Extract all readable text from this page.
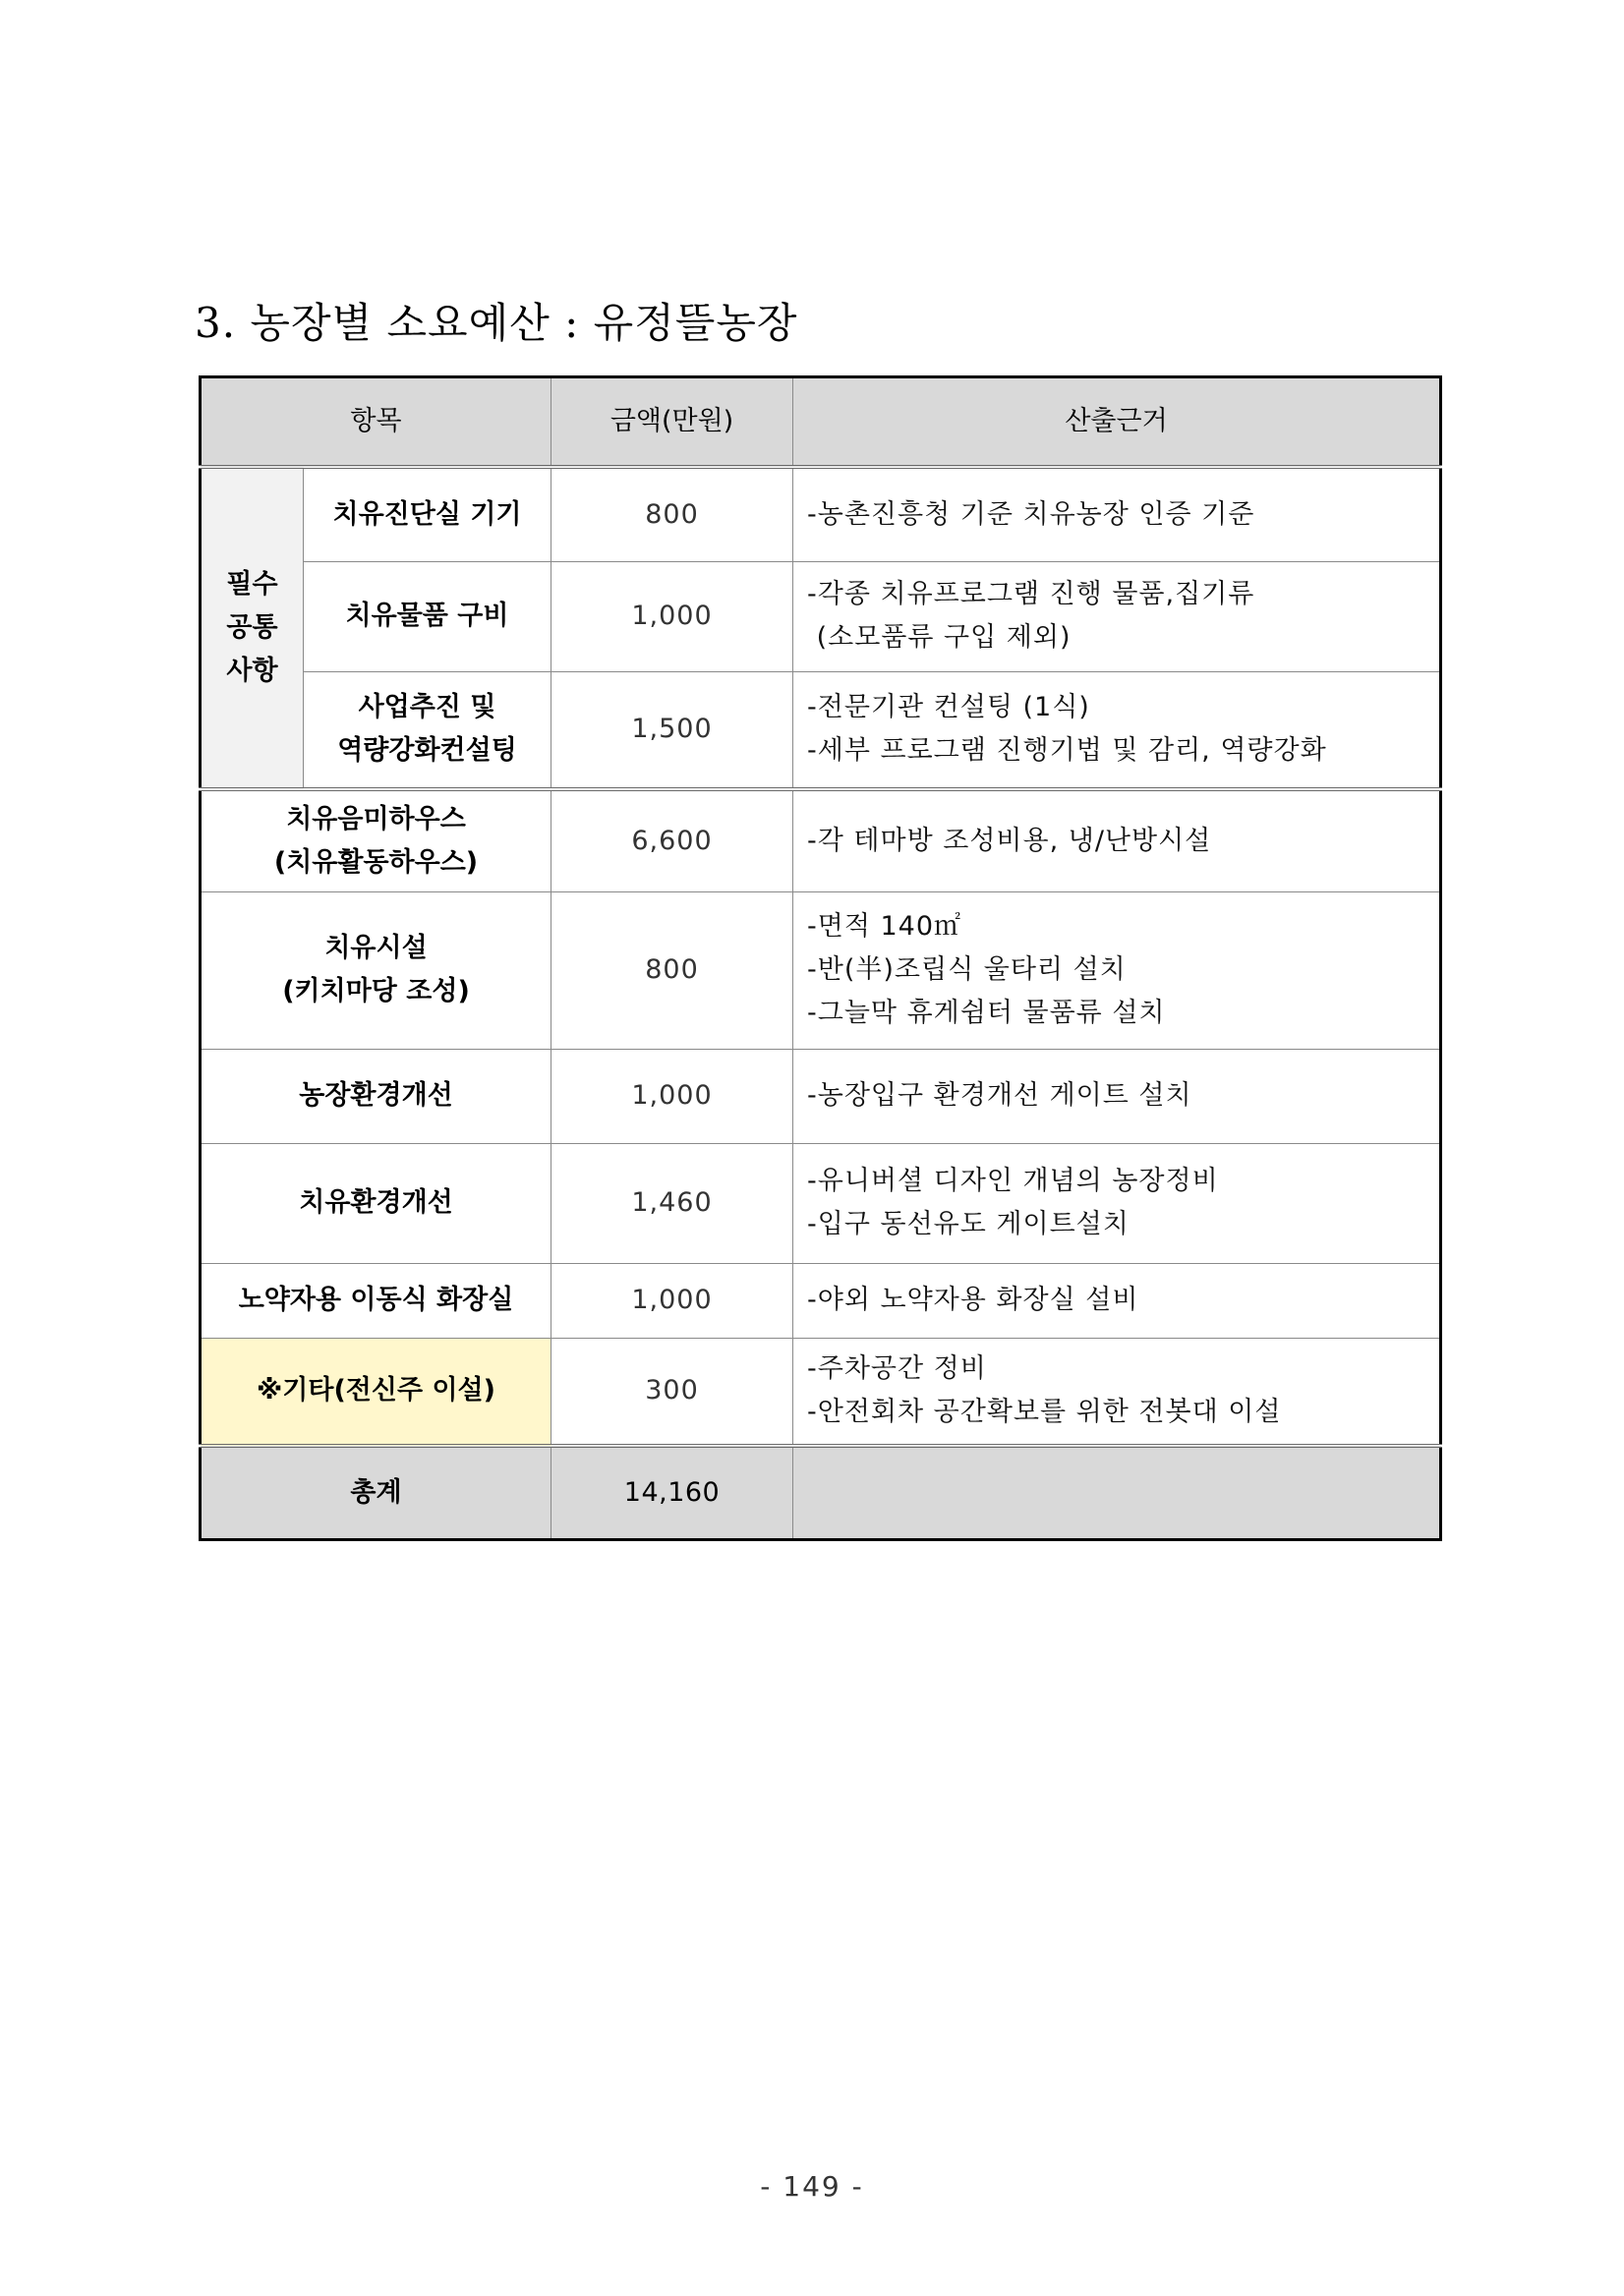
3. 농장별 소요예산 : 유정뜰농장
항목		금액(만원)	산출근거

필수
공통
사항	치유진단실 기기	800	-농촌진흥청 기준 치유농장 인증 기준

	치유물품 구비	1,000	-각종 치유프로그램 진행 물품,집기류
(소모품류 구입 제외)

	사업추진 및
역량강화컨설팅	1,500	-전문기관 컨설팅 (1식)
-세부 프로그램 진행기법 및 감리, 역량강화

치유음미하우스
(치유활동하우스)		6,600	-각 테마방 조성비용, 냉/난방시설

치유시설
(키치마당 조성)		800	-면적 140㎡
-반(半)조립식 울타리 설치
-그늘막 휴게쉼터 물품류 설치

농장환경개선		1,000	-농장입구 환경개선 게이트 설치

치유환경개선		1,460	-유니버셜 디자인 개념의 농장정비
-입구 동선유도 게이트설치

노약자용 이동식 화장실		1,000	-야외 노약자용 화장실 설비

※기타(전신주 이설)		300	-주차공간 정비
-안전회차 공간확보를 위한 전봇대 이설

총계		14,160	
- 149 -
